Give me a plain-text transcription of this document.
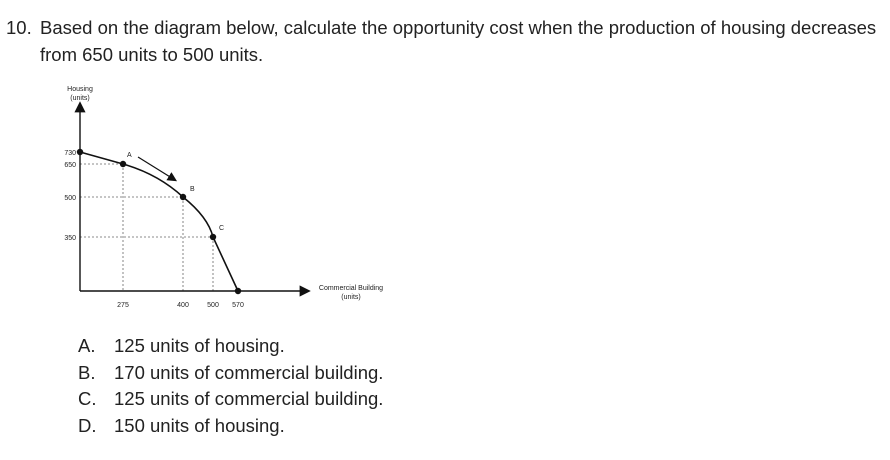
10. Based on the diagram below, calculate the opportunity cost when the production of housing decreases from 650 units to 500 units.
A
B
C
730
650
500
350
275	400	500 570
Housing
(units)
Commercial Building
(units)
A. 125 units of housing.
B. 170 units of commercial building.
C. 125 units of commercial building.
D. 150 units of housing.
